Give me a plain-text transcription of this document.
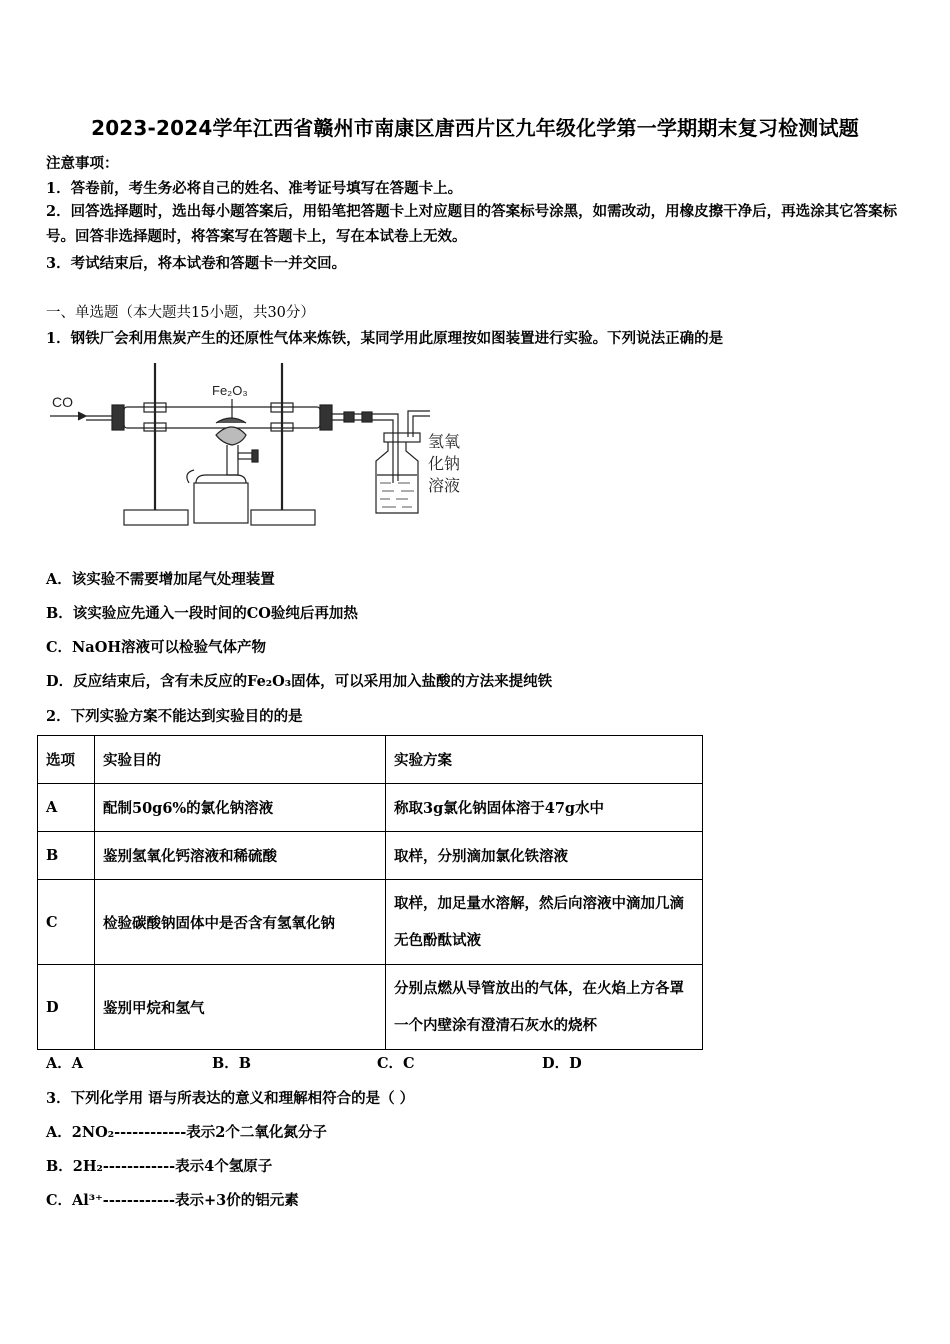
2023-2024学年江西省赣州市南康区唐西片区九年级化学第一学期期末复习检测试题
注意事项：
1．答卷前，考生务必将自己的姓名、准考证号填写在答题卡上。
2．回答选择题时，选出每小题答案后，用铅笔把答题卡上对应题目的答案标号涂黑，如需改动，用橡皮擦干净后，再选涂其它答案标号。回答非选择题时，将答案写在答题卡上，写在本试卷上无效。
3．考试结束后，将本试卷和答题卡一并交回。
一、单选题（本大题共15小题，共30分）
1．钢铁厂会利用焦炭产生的还原性气体来炼铁，某同学用此原理按如图装置进行实验。下列说法正确的是
CO
Fe₂O₃
氢氧
化钠
溶液
A．该实验不需要增加尾气处理装置
B．该实验应先通入一段时间的CO验纯后再加热
C．NaOH溶液可以检验气体产物
D．反应结束后，含有未反应的Fe₂O₃固体，可以采用加入盐酸的方法来提纯铁
2．下列实验方案不能达到实验目的的是
选项	实验目的	实验方案
A	配制50g6%的氯化钠溶液	称取3g氯化钠固体溶于47g水中
B	鉴别氢氧化钙溶液和稀硫酸	取样，分别滴加氯化铁溶液
C	检验碳酸钠固体中是否含有氢氧化钠	取样，加足量水溶解，然后向溶液中滴加几滴无色酚酞试液
D	鉴别甲烷和氢气	分别点燃从导管放出的气体，在火焰上方各罩一个内壁涂有澄清石灰水的烧杯
A．A	B．B	C．C	D．D
3．下列化学用 语与所表达的意义和理解相符合的是（ ）
A．2NO₂------------表示2个二氧化氮分子
B．2H₂------------表示4个氢原子
C．Al³⁺------------表示+3价的铝元素
